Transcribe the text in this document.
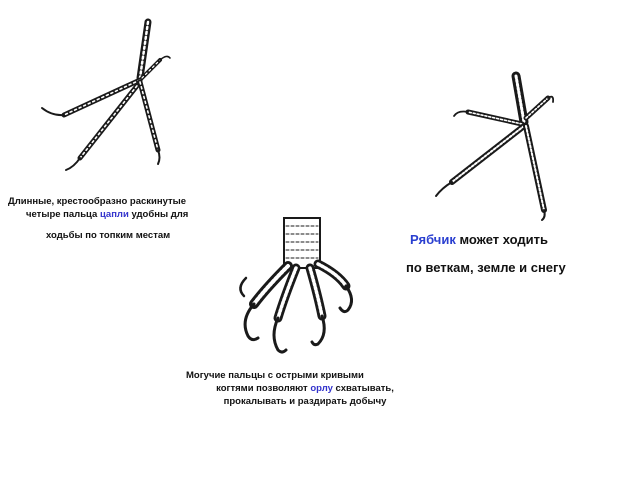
Длинные, крестообразно раскинутые
четыре пальца цапли удобны для
ходьбы по топким местам	Рябчик может ходить
по веткам, земле и снегу
Могучие пальцы с острыми кривыми
когтями позволяют орлу схватывать,
прокалывать и раздирать добычу
